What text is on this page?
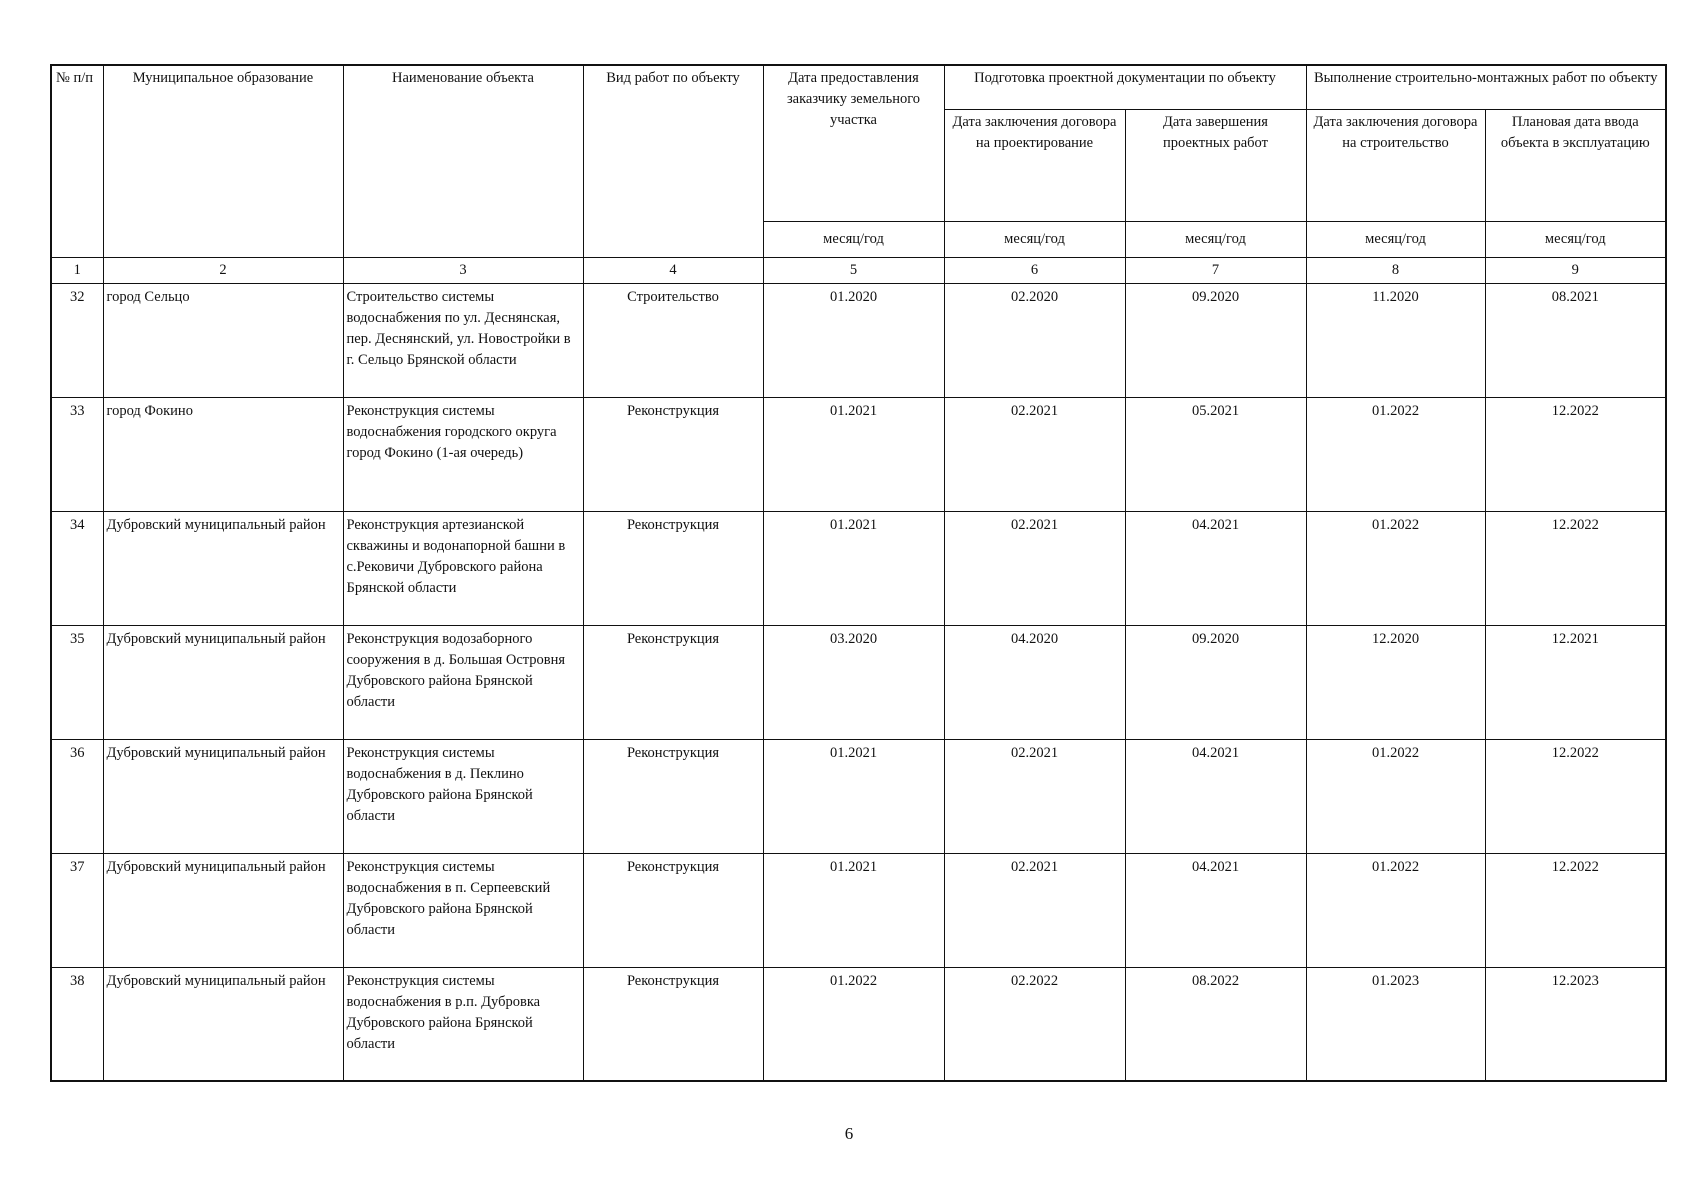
№ п/п	Муниципальное образование	Наименование объекта	Вид работ по объекту	Дата предоставления заказчику земельного участка	Подготовка проектной документации по объекту		Выполнение строительно-монтажных работ по объекту	
					Дата заключения договора на проектирование	Дата завершения проектных работ	Дата заключения договора на строительство	Плановая дата ввода объекта в эксплуатацию
				месяц/год	месяц/год	месяц/год	месяц/год	месяц/год
1	2	3	4	5	6	7	8	9
32	город Сельцо	Строительство системы водоснабжения по ул. Деснянская, пер. Деснянский, ул. Новостройки в г. Сельцо Брянской области	Строительство	01.2020	02.2020	09.2020	11.2020	08.2021
33	город Фокино	Реконструкция системы водоснабжения городского округа город Фокино (1-ая очередь)	Реконструкция	01.2021	02.2021	05.2021	01.2022	12.2022
34	Дубровский муниципальный район	Реконструкция артезианской скважины и водонапорной башни в с.Рековичи Дубровского района Брянской области	Реконструкция	01.2021	02.2021	04.2021	01.2022	12.2022
35	Дубровский муниципальный район	Реконструкция водозаборного сооружения в д. Большая Островня Дубровского района Брянской области	Реконструкция	03.2020	04.2020	09.2020	12.2020	12.2021
36	Дубровский муниципальный район	Реконструкция системы водоснабжения в д. Пеклино Дубровского района Брянской области	Реконструкция	01.2021	02.2021	04.2021	01.2022	12.2022
37	Дубровский муниципальный район	Реконструкция системы водоснабжения в п. Серпеевский Дубровского района Брянской области	Реконструкция	01.2021	02.2021	04.2021	01.2022	12.2022
38	Дубровский муниципальный район	Реконструкция системы водоснабжения в р.п. Дубровка Дубровского района Брянской области	Реконструкция	01.2022	02.2022	08.2022	01.2023	12.2023
6
